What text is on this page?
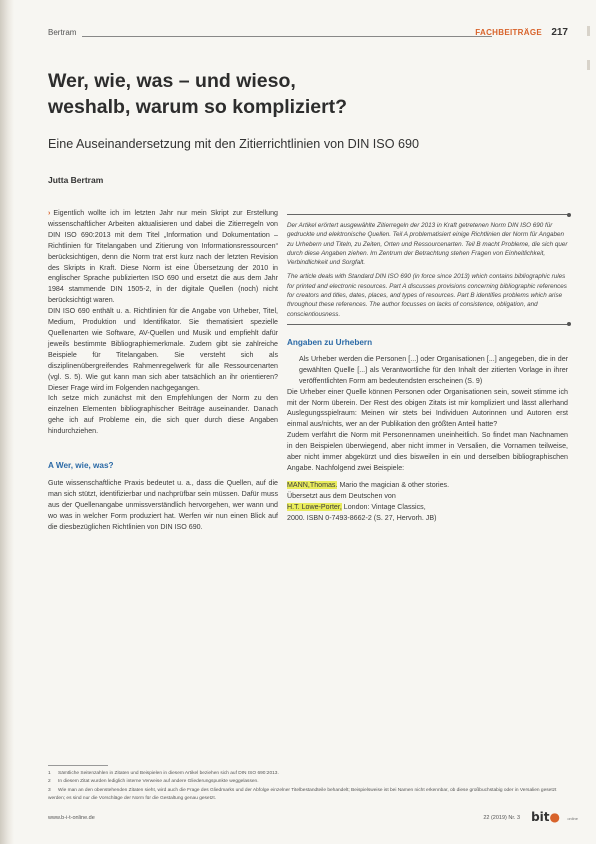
Bertram	FACHBEITRÄGE 217
Wer, wie, was – und wieso,
weshalb, warum so kompliziert?

Eine Auseinandersetzung mit den Zitierrichtlinien von DIN ISO 690

Jutta Bertram

› Eigentlich wollte ich im letzten Jahr nur mein Skript zur Erstellung wissenschaftlicher Arbeiten aktualisieren und dabei die Zitierregeln von DIN ISO 690:2013 mit dem Titel „Information und Dokumentation – Richtlinien für Titelangaben und Zitierung von Informationsressourcen“ berücksichtigen, denn die Norm trat erst kurz nach der letzten Revision des Skripts in Kraft. Diese Norm ist eine Übersetzung der 2010 in englischer Sprache publizierten ISO 690 und ersetzt die aus dem Jahr 1984 stammende DIN 1505-2, in der digitale Quellen (noch) nicht berücksichtigt waren.

DIN ISO 690 enthält u. a. Richtlinien für die Angabe von Urheber, Titel, Medium, Produktion und Identifikator. Sie thematisiert spezielle Quellenarten wie Software, AV-Quellen und Musik und empfiehlt dafür jeweils bestimmte Bibliographiemerkmale. Zudem gibt sie zahlreiche Beispiele für Titelangaben. Sie versteht sich als disziplinenübergreifendes Rahmenregelwerk für alle Ressourcenarten (vgl. S. 5). Wie gut kann man sich aber tatsächlich an ihr orientieren? Dieser Frage wird im Folgenden nachgegangen.

Ich setze mich zunächst mit den Empfehlungen der Norm zu den einzelnen Elementen bibliographischer Beiträge auseinander. Danach gehe ich auf Probleme ein, die sich quer durch diese Angaben hindurchziehen.

A Wer, wie, was?

Gute wissenschaftliche Praxis bedeutet u. a., dass die Quellen, auf die man sich stützt, identifizierbar und nachprüfbar sein müssen. Dafür muss aus der Quellenangabe unmissverständlich hervorgehen, wer wann und wo was in welcher Form produziert hat. Werfen wir nun einen Blick auf die diesbezüglichen Richtlinien von DIN ISO 690.

Der Artikel erörtert ausgewählte Zitierregeln der 2013 in Kraft getretenen Norm DIN ISO 690 für gedruckte und elektronische Quellen. Teil A problematisiert einige Richtlinien der Norm für Angaben zu Urhebern und Titeln, zu Zeiten, Orten und Ressourcenarten. Teil B macht Probleme, die sich quer durch diese Angaben ziehen. Im Zentrum der Betrachtung stehen Fragen von Einheitlichkeit, Verbindlichkeit und Sorgfalt.

The article deals with Standard DIN ISO 690 (in force since 2013) which contains bibliographic rules for printed and electronic resources. Part A discusses provisions concerning bibliographic references for creators and titles, dates, places, and types of resources. Part B identifies problems which arise throughout these references. The author focusses on lacks of consistence, obligation, and conscientiousness.

Angaben zu Urhebern

Als Urheber werden die Personen [...] oder Organisationen [...] angegeben, die in der gewählten Quelle [...] als Verantwortliche für den Inhalt der zitierten Vorlage in ihrer veröffentlichten Form am bedeutendsten erscheinen (S. 9)

Die Urheber einer Quelle können Personen oder Organisationen sein, soweit stimme ich mit der Norm überein. Der Rest des obigen Zitats ist mir kompliziert und lässt allerhand Auslegungsspielraum: Meinen wir stets bei Individuen Autorinnen und Autoren erst einmal aus/nichts, wer an der Publikation den größten Anteil hatte?

Zudem verfährt die Norm mit Personennamen uneinheitlich. So findet man Nachnamen in den Beispielen überwiegend, aber nicht immer in Versalien, die Vornamen teilweise, aber nicht immer abgekürzt und dies bisweilen in ein und derselben bibliographischen Angabe. Nachfolgend zwei Beispiele:

MANN,Thomas. Mario the magician & other stories.
Übersetzt aus dem Deutschen von
H.T. Lowe-Porter, London: Vintage Classics,
2000. ISBN 0-7493-8662-2 (S. 27, Hervorh. JB)

1 Sämtliche Seitenzahlen in Zitaten und Beispielen in diesem Artikel beziehen sich auf DIN ISO 690:2013.
2 In diesem Zitat wurden lediglich interne Verweise auf andere Gliederungspunkte weggelassen.
3 Wie man an den obenstehenden Zitaten sieht, wird auch die Frage des Gliedmarks und der Abfolge einzelner Titelbestandteile behandelt; Beispielsweise ist bei Namen nicht erkennbar, ob diese großbuchstabig oder in Versalien gesetzt werden; es sind nur die Vorschläge der Norm für die Gestaltung genau gesetzt.
www.b-i-t-online.de	22 (2019) Nr. 3 bit● online
